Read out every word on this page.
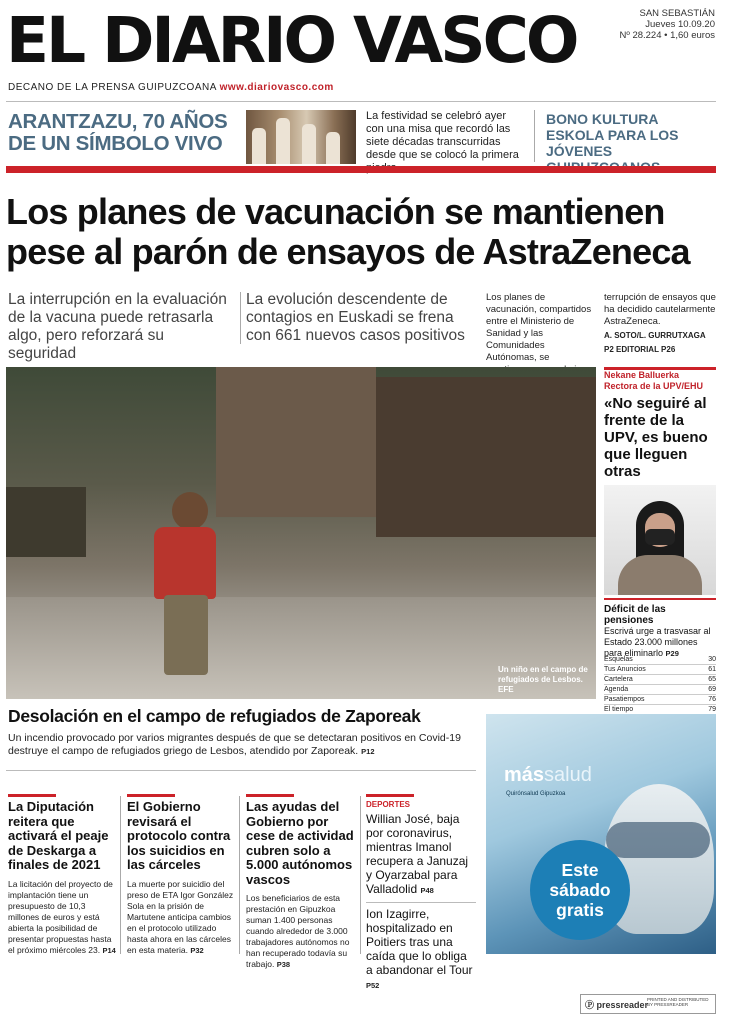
EL DIARIO VASCO	SAN SEBASTIÁN
Jueves 10.09.20
Nº 28.224 • 1,60 euros
DECANO DE LA PRENSA GUIPUZCOANA www.diariovasco.com
ARANTZAZU, 70 AÑOS DE UN SÍMBOLO VIVO
La festividad se celebró ayer con una misa que recordó las siete décadas transcurridas desde que se colocó la primera
BONO KULTURA ESKOLA PARA LOS JÓVENES
Los planes de vacunación se mantienen
pese al parón de ensayos de AstraZeneca
La interrupción en la evaluación de la vacuna puede retrasarla algo, pero reforzará su seguridad
La evolución descendente de contagios en Euskadi se frena con 661 nuevos casos positivos
Los planes de vacunación, compartidos entre el Ministerio de Sanidad y las Comunidades Autónomas, se
terrupción de ensayos que ha decidido cautelarmente AstraZeneca.
A. SOTO/L. GURRUTXAGA
P2 EDITORIAL P26
Un niño en el campo de refugiados de Lesbos. EFE
Nekane Balluerka
Rectora de la UPV/EHU
«No seguiré al frente de la UPV, es bueno que lleguen otras
Déficit de las pensiones
Escrivá urge a trasvasar al Estado 23.000 millones para eliminarlo P29
Esquelas	30
Tus Anuncios	61
Cartelera	65
Agenda	69
Pasatiempos	76
El tiempo	79
Desolación en el campo de refugiados de Zaporeak
Un incendio provocado por varios migrantes después de que se detectaran positivos en Covid-19 destruye el campo de refugiados griego de Lesbos, atendido por Zaporeak. P12
La Diputación reitera que activará el peaje de Deskarga a finales de 2021

La licitación del proyecto de implantación tiene un presupuesto de 10,3 millones de euros y está abierta la posibilidad de presentar propuestas hasta el próximo miércoles 23. P14

El Gobierno revisará el protocolo contra los suicidios en las cárceles

La muerte por suicidio del preso de ETA Igor González Sola en la prisión de Martutene anticipa cambios en el protocolo utilizado hasta ahora en las cárceles en esta materia. P32

Las ayudas del Gobierno por cese de actividad cubren solo a 5.000 autónomos vascos

Los beneficiarios de esta prestación en Gipuzkoa suman 1.400 personas cuando alrededor de 3.000 trabajadores autónomos no han recuperado todavía su trabajo. P38

DEPORTES
Willian José, baja por coronavirus, mientras Imanol recupera a Januzaj y Oyarzabal para Valladolid P48
Ion Izagirre, hospitalizado en Poitiers tras una caída que lo obliga a abandonar el Tour P52
mássalud
Quirónsalud Gipuzkoa
Este sábado gratis
Ⓟ pressreader
PRINTED AND DISTRIBUTED BY PRESSREADER
